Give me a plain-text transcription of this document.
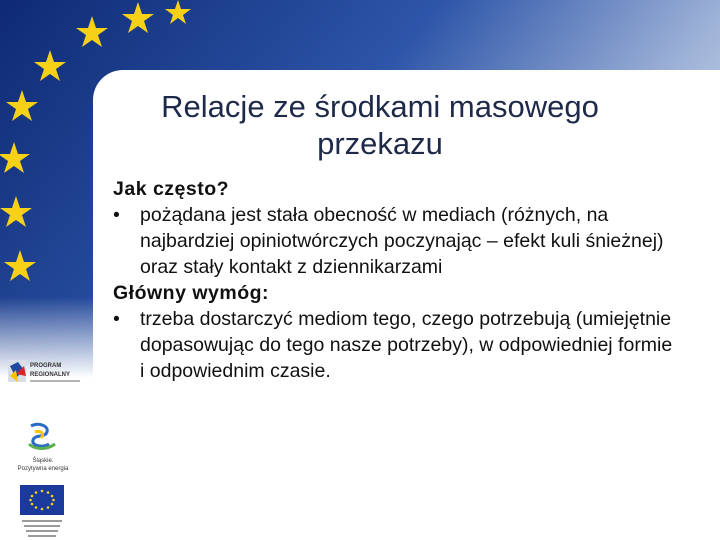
Relacje ze środkami masowego
przekazu
Jak często?

• pożądana jest stała obecność w mediach (różnych, na najbardziej opiniotwórczych poczynając – efekt kuli śnieżnej) oraz stały kontakt z dziennikarzami

Główny wymóg:

• trzeba dostarczyć mediom tego, czego potrzebują (umiejętnie dopasowując do tego nasze potrzeby), w odpowiedniej formie i odpowiednim czasie.

PROGRAM
REGIONALNY
Śląskie.
Pozytywna energia
